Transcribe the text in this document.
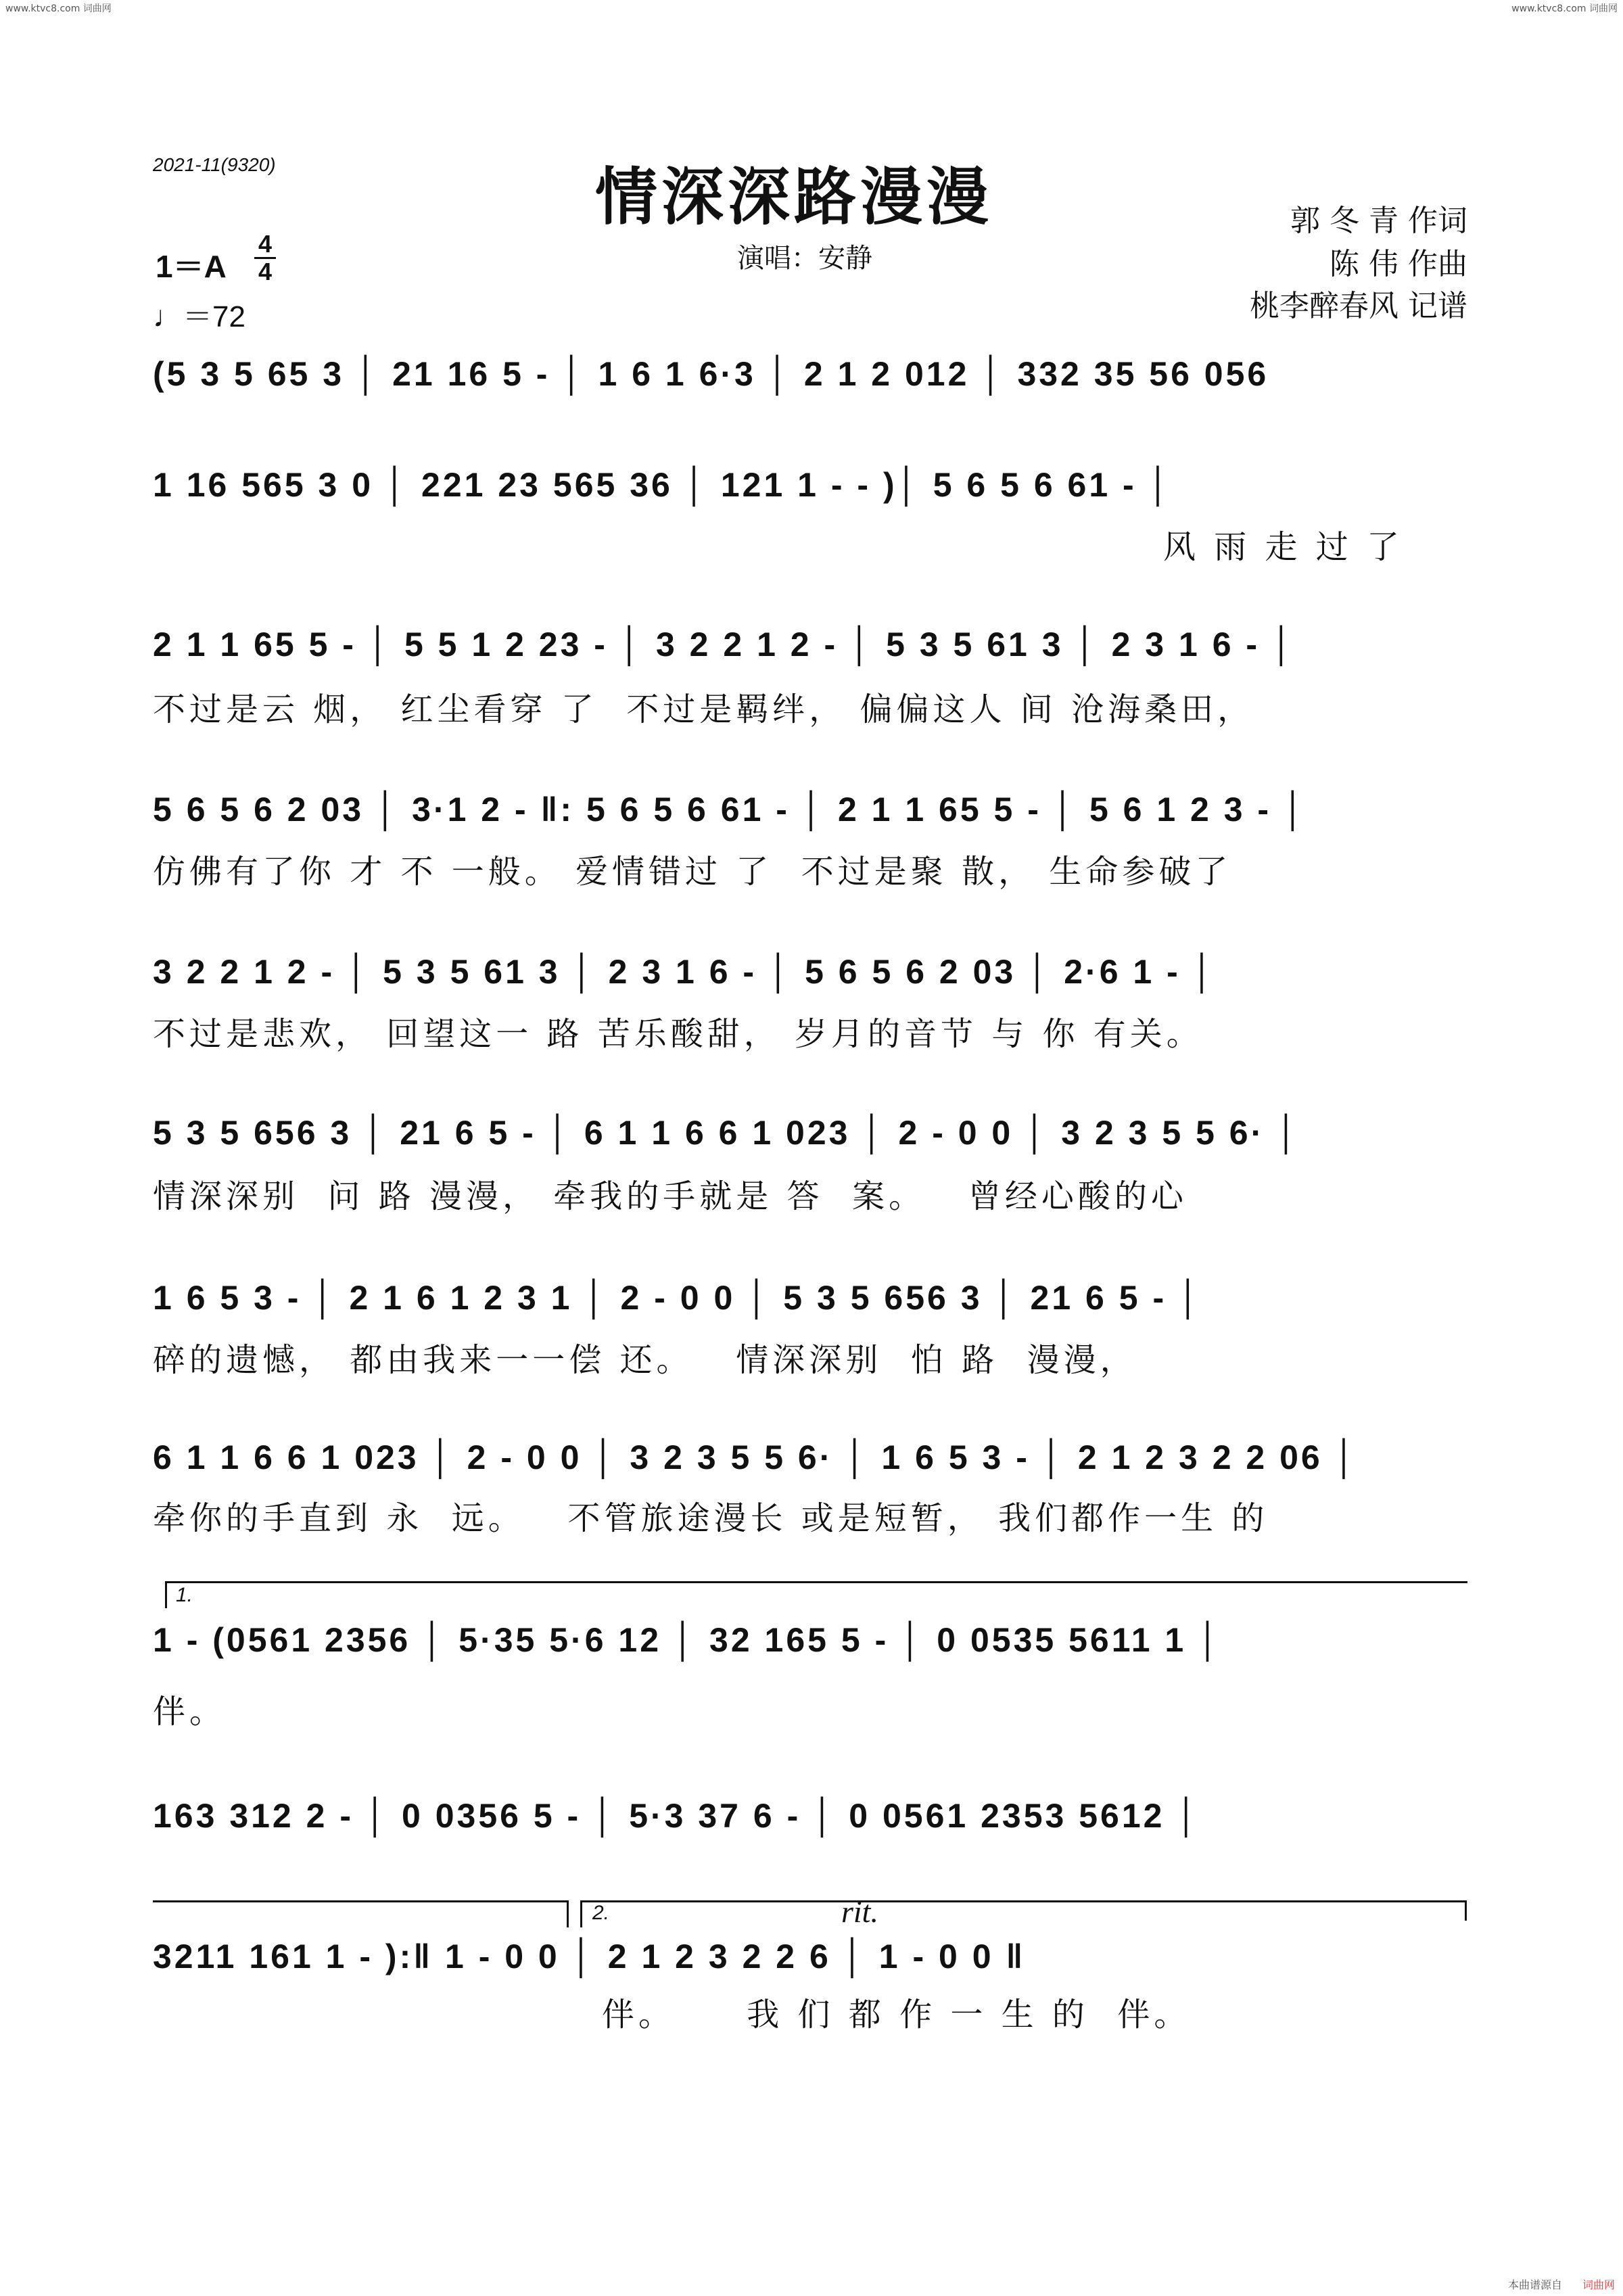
www.ktvc8.com 词曲网	www.ktvc8.com 词曲网
本曲谱源自 词曲网
2021-11(9320)	情深深路漫漫
演唱：安静
1＝A
4
4
♩＝72
郭 冬 青 作词
陈 伟 作曲
桃李醉春风 记谱
(5 3 5 65 3 │ 21 16 5 - │ 1 6 1 6·3 │ 2 1 2 012 │ 332 35 56 056
1 16 565 3 0 │ 221 23 565 36 │ 121 1 - - )│ 5 6 5 6 61 - │
风 雨 走 过 了
2 1 1 65 5 - │ 5 5 1 2 23 - │ 3 2 2 1 2 - │ 5 3 5 61 3 │ 2 3 1 6 - │
不过是云 烟， 红尘看穿 了  不过是羁绊， 偏偏这人 间 沧海桑田，
5 6 5 6 2 03 │ 3·1 2 - ‖: 5 6 5 6 61 - │ 2 1 1 65 5 - │ 5 6 1 2 3 - │
仿佛有了你 才 不 一般。 爱情错过 了  不过是聚 散， 生命参破了
3 2 2 1 2 - │ 5 3 5 61 3 │ 2 3 1 6 - │ 5 6 5 6 2 03 │ 2·6 1 - │
不过是悲欢， 回望这一 路 苦乐酸甜， 岁月的音节 与 你 有关。
5 3 5 656 3 │ 21 6 5 - │ 6 1 1 6 6 1 023 │ 2 - 0 0 │ 3 2 3 5 5 6· │
情深深别  问 路 漫漫， 牵我的手就是 答  案。   曾经心酸的心
1 6 5 3 - │ 2 1 6 1 2 3 1 │ 2 - 0 0 │ 5 3 5 656 3 │ 21 6 5 - │
碎的遗憾， 都由我来一一偿 还。   情深深别  怕 路  漫漫，
6 1 1 6 6 1 023 │ 2 - 0 0 │ 3 2 3 5 5 6· │ 1 6 5 3 - │ 2 1 2 3 2 2 06 │
牵你的手直到 永  远。   不管旅途漫长 或是短暂， 我们都作一生 的
1.
1 - (0561 2356 │ 5·35 5·6 12 │ 32 165 5 - │ 0 0535 5611 1 │
伴。
163 312 2 - │ 0 0356 5 - │ 5·3 37 6 - │ 0 0561 2353 5612 │
2.	rit.
3211 161 1 - ):‖ 1 - 0 0 │ 2 1 2 3 2 2 6 │ 1 - 0 0 ‖
伴。     我 们 都 作 一 生 的  伴。
